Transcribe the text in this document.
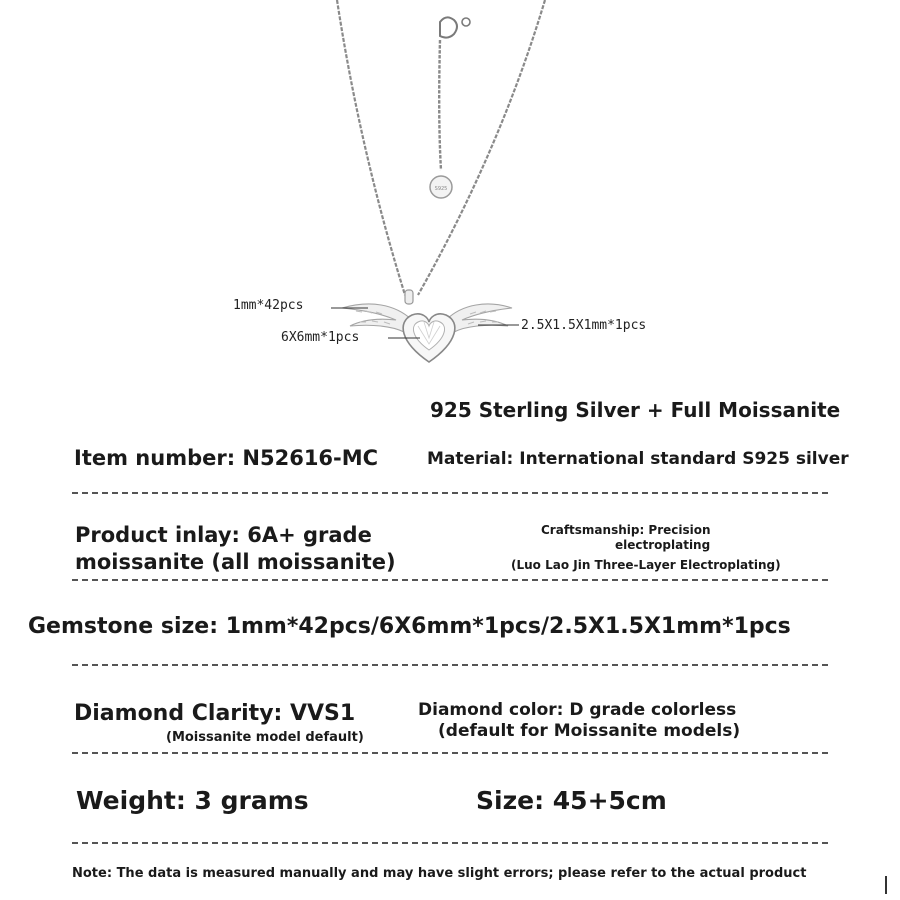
S925
1mm*42pcs
6X6mm*1pcs
2.5X1.5X1mm*1pcs
925 Sterling Silver + Full Moissanite
Item number: N52616-MC	Material: International standard S925 silver
Product inlay: 6A+ grade
moissanite (all moissanite)
Craftsmanship: Precision
electroplating
(Luo Lao Jin Three-Layer Electroplating)
Gemstone size: 1mm*42pcs/6X6mm*1pcs/2.5X1.5X1mm*1pcs
Diamond Clarity: VVS1
(Moissanite model default)
Diamond color: D grade colorless
(default for Moissanite models)
Weight: 3 grams	Size: 45+5cm
Note: The data is measured manually and may have slight errors; please refer to the actual product
